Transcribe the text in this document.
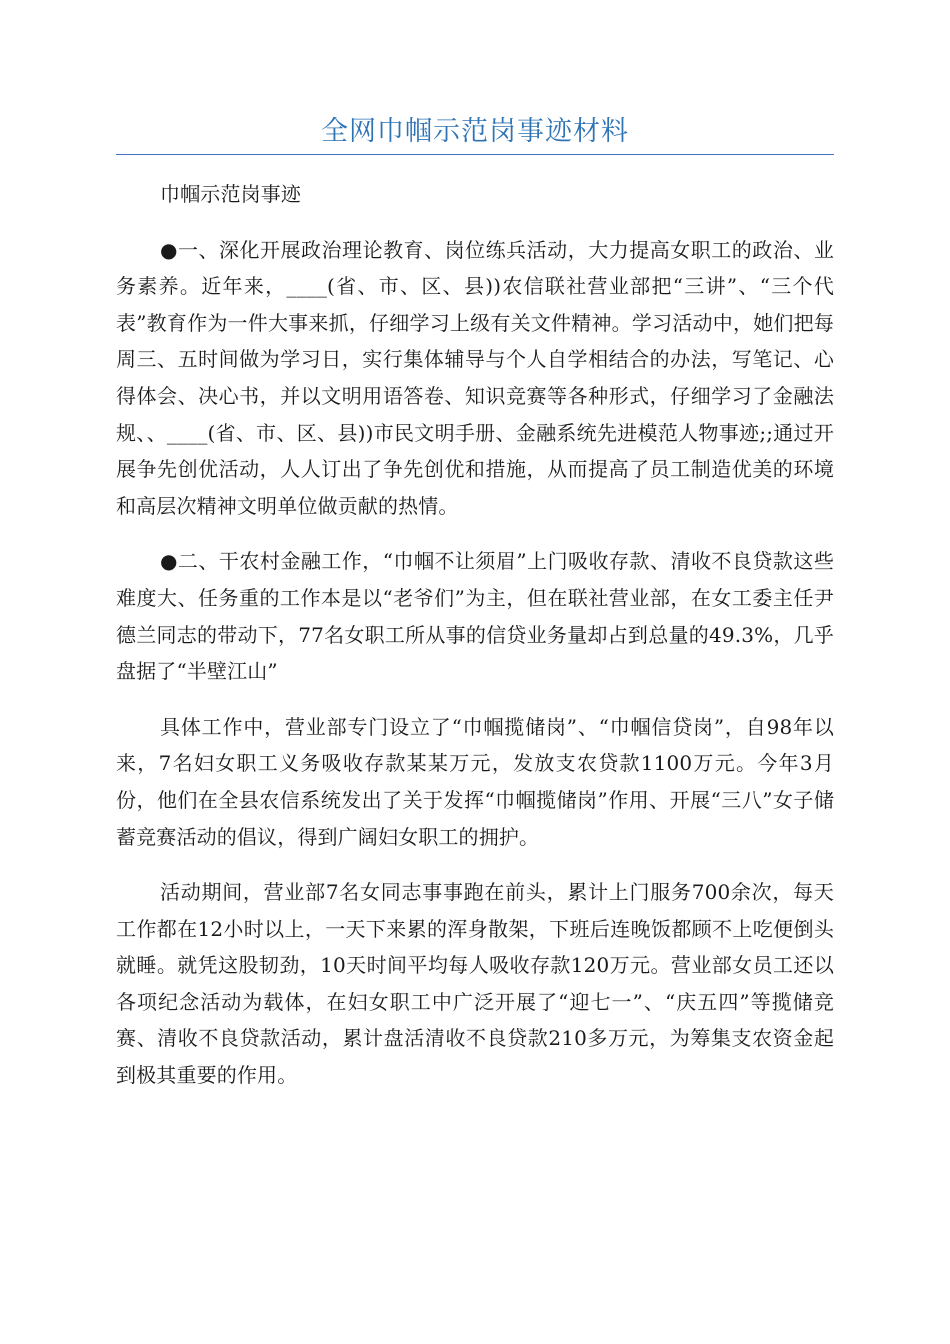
全网巾帼示范岗事迹材料

巾帼示范岗事迹

●一、深化开展政治理论教育、岗位练兵活动，大力提高女职工的政治、业务素养。近年来，____(省、市、区、县))农信联社营业部把“三讲”、“三个代表”教育作为一件大事来抓，仔细学习上级有关文件精神。学习活动中，她们把每周三、五时间做为学习日，实行集体辅导与个人自学相结合的办法，写笔记、心得体会、决心书，并以文明用语答卷、知识竞赛等各种形式，仔细学习了金融法规、、____(省、市、区、县))市民文明手册、金融系统先进模范人物事迹;;通过开展争先创优活动，人人订出了争先创优和措施，从而提高了员工制造优美的环境和高层次精神文明单位做贡献的热情。

●二、干农村金融工作，“巾帼不让须眉”上门吸收存款、清收不良贷款这些难度大、任务重的工作本是以“老爷们”为主，但在联社营业部，在女工委主任尹德兰同志的带动下，77名女职工所从事的信贷业务量却占到总量的49.3%，几乎盘据了“半壁江山”

具体工作中，营业部专门设立了“巾帼揽储岗”、“巾帼信贷岗”，自98年以来，7名妇女职工义务吸收存款某某万元，发放支农贷款1100万元。今年3月份，他们在全县农信系统发出了关于发挥“巾帼揽储岗”作用、开展“三八”女子储蓄竞赛活动的倡议，得到广阔妇女职工的拥护。

活动期间，营业部7名女同志事事跑在前头，累计上门服务700余次，每天工作都在12小时以上，一天下来累的浑身散架，下班后连晚饭都顾不上吃便倒头就睡。就凭这股韧劲，10天时间平均每人吸收存款120万元。营业部女员工还以各项纪念活动为载体，在妇女职工中广泛开展了“迎七一”、“庆五四”等揽储竞赛、清收不良贷款活动，累计盘活清收不良贷款210多万元，为筹集支农资金起到极其重要的作用。
